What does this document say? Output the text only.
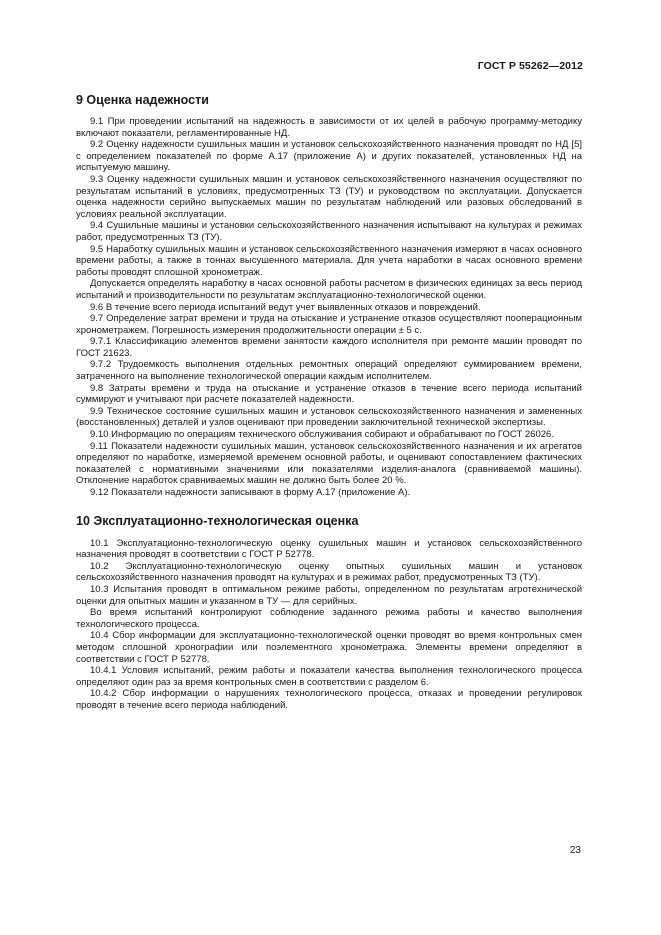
ГОСТ Р 55262—2012
9 Оценка надежности

9.1 При проведении испытаний на надежность в зависимости от их целей в рабочую программу-методику включают показатели, регламентированные НД.

9.2 Оценку надежности сушильных машин и установок сельскохозяйственного назначения проводят по НД [5] с определением показателей по форме А.17 (приложение А) и других показателей, установленных НД на испытуемую машину.

9.3 Оценку надежности сушильных машин и установок сельскохозяйственного назначения осуществляют по результатам испытаний в условиях, предусмотренных ТЗ (ТУ) и руководством по эксплуатации. Допускается оценка надежности серийно выпускаемых машин по результатам наблюдений или разовых обследований в условиях реальной эксплуатации.

9.4 Сушильные машины и установки сельскохозяйственного назначения испытывают на культурах и режимах работ, предусмотренных ТЗ (ТУ).

9.5 Наработку сушильных машин и установок сельскохозяйственного назначения измеряют в часах основного времени работы, а также в тоннах высушенного материала. Для учета наработки в часах основного времени работы проводят сплошной хронометраж.

Допускается определять наработку в часах основной работы расчетом в физических единицах за весь период испытаний и производительности по результатам эксплуатационно-технологической оценки.

9.6 В течение всего периода испытаний ведут учет выявленных отказов и повреждений.

9.7 Определение затрат времени и труда на отыскание и устранение отказов осуществляют пооперационным хронометражем. Погрешность измерения продолжительности операции ± 5 с.

9.7.1 Классификацию элементов времени занятости каждого исполнителя при ремонте машин проводят по ГОСТ 21623.

9.7.2 Трудоемкость выполнения отдельных ремонтных операций определяют суммированием времени, затраченного на выполнение технологической операции каждым исполнителем.

9.8 Затраты времени и труда на отыскание и устранение отказов в течение всего периода испытаний суммируют и учитывают при расчете показателей надежности.

9.9 Техническое состояние сушильных машин и установок сельскохозяйственного назначения и замененных (восстановленных) деталей и узлов оценивают при проведении заключительной технической экспертизы.

9.10 Информацию по операциям технического обслуживания собирают и обрабатывают по ГОСТ 26026.

9.11 Показатели надежности сушильных машин, установок сельскохозяйственного назначения и их агрегатов определяют по наработке, измеряемой временем основной работы, и оценивают сопоставлением фактических показателей с нормативными значениями или показателями изделия-аналога (сравниваемой машины). Отклонение наработок сравниваемых машин не должно быть более 20 %.

9.12 Показатели надежности записывают в форму А.17 (приложение А).

10 Эксплуатационно-технологическая оценка

10.1 Эксплуатационно-технологическую оценку сушильных машин и установок сельскохозяйственного назначения проводят в соответствии с ГОСТ Р 52778.

10.2 Эксплуатационно-технологическую оценку опытных сушильных машин и установок сельскохозяйственного назначения проводят на культурах и в режимах работ, предусмотренных ТЗ (ТУ).

10.3 Испытания проводят в оптимальном режиме работы, определенном по результатам агротехнической оценки для опытных машин и указанном в ТУ — для серийных.

Во время испытаний контролируют соблюдение заданного режима работы и качество выполнения технологического процесса.

10.4 Сбор информации для эксплуатационно-технологической оценки проводят во время контрольных смен методом сплошной хронографии или поэлементного хронометража. Элементы времени определяют в соответствии с ГОСТ Р 52778.

10.4.1 Условия испытаний, режим работы и показатели качества выполнения технологического процесса определяют один раз за время контрольных смен в соответствии с разделом 6.

10.4.2 Сбор информации о нарушениях технологического процесса, отказах и проведении регулировок проводят в течение всего периода наблюдений.

23
